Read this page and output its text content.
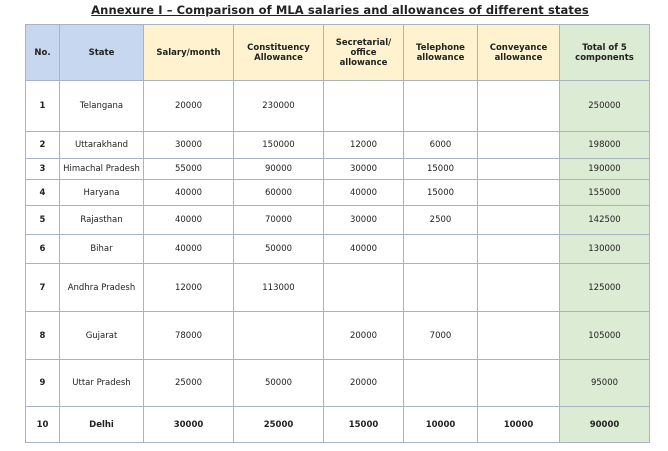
Annexure I – Comparison of MLA salaries and allowances of different states
No.	State	Salary/month	Constituency Allowance	Secretarial/ office allowance	Telephone allowance	Conveyance allowance	Total of 5 components
1	Telangana	20000	230000				250000
2	Uttarakhand	30000	150000	12000	6000		198000
3	Himachal Pradesh	55000	90000	30000	15000		190000
4	Haryana	40000	60000	40000	15000		155000
5	Rajasthan	40000	70000	30000	2500		142500
6	Bihar	40000	50000	40000			130000
7	Andhra Pradesh	12000	113000				125000
8	Gujarat	78000		20000	7000		105000
9	Uttar Pradesh	25000	50000	20000			95000
10	Delhi	30000	25000	15000	10000	10000	90000
